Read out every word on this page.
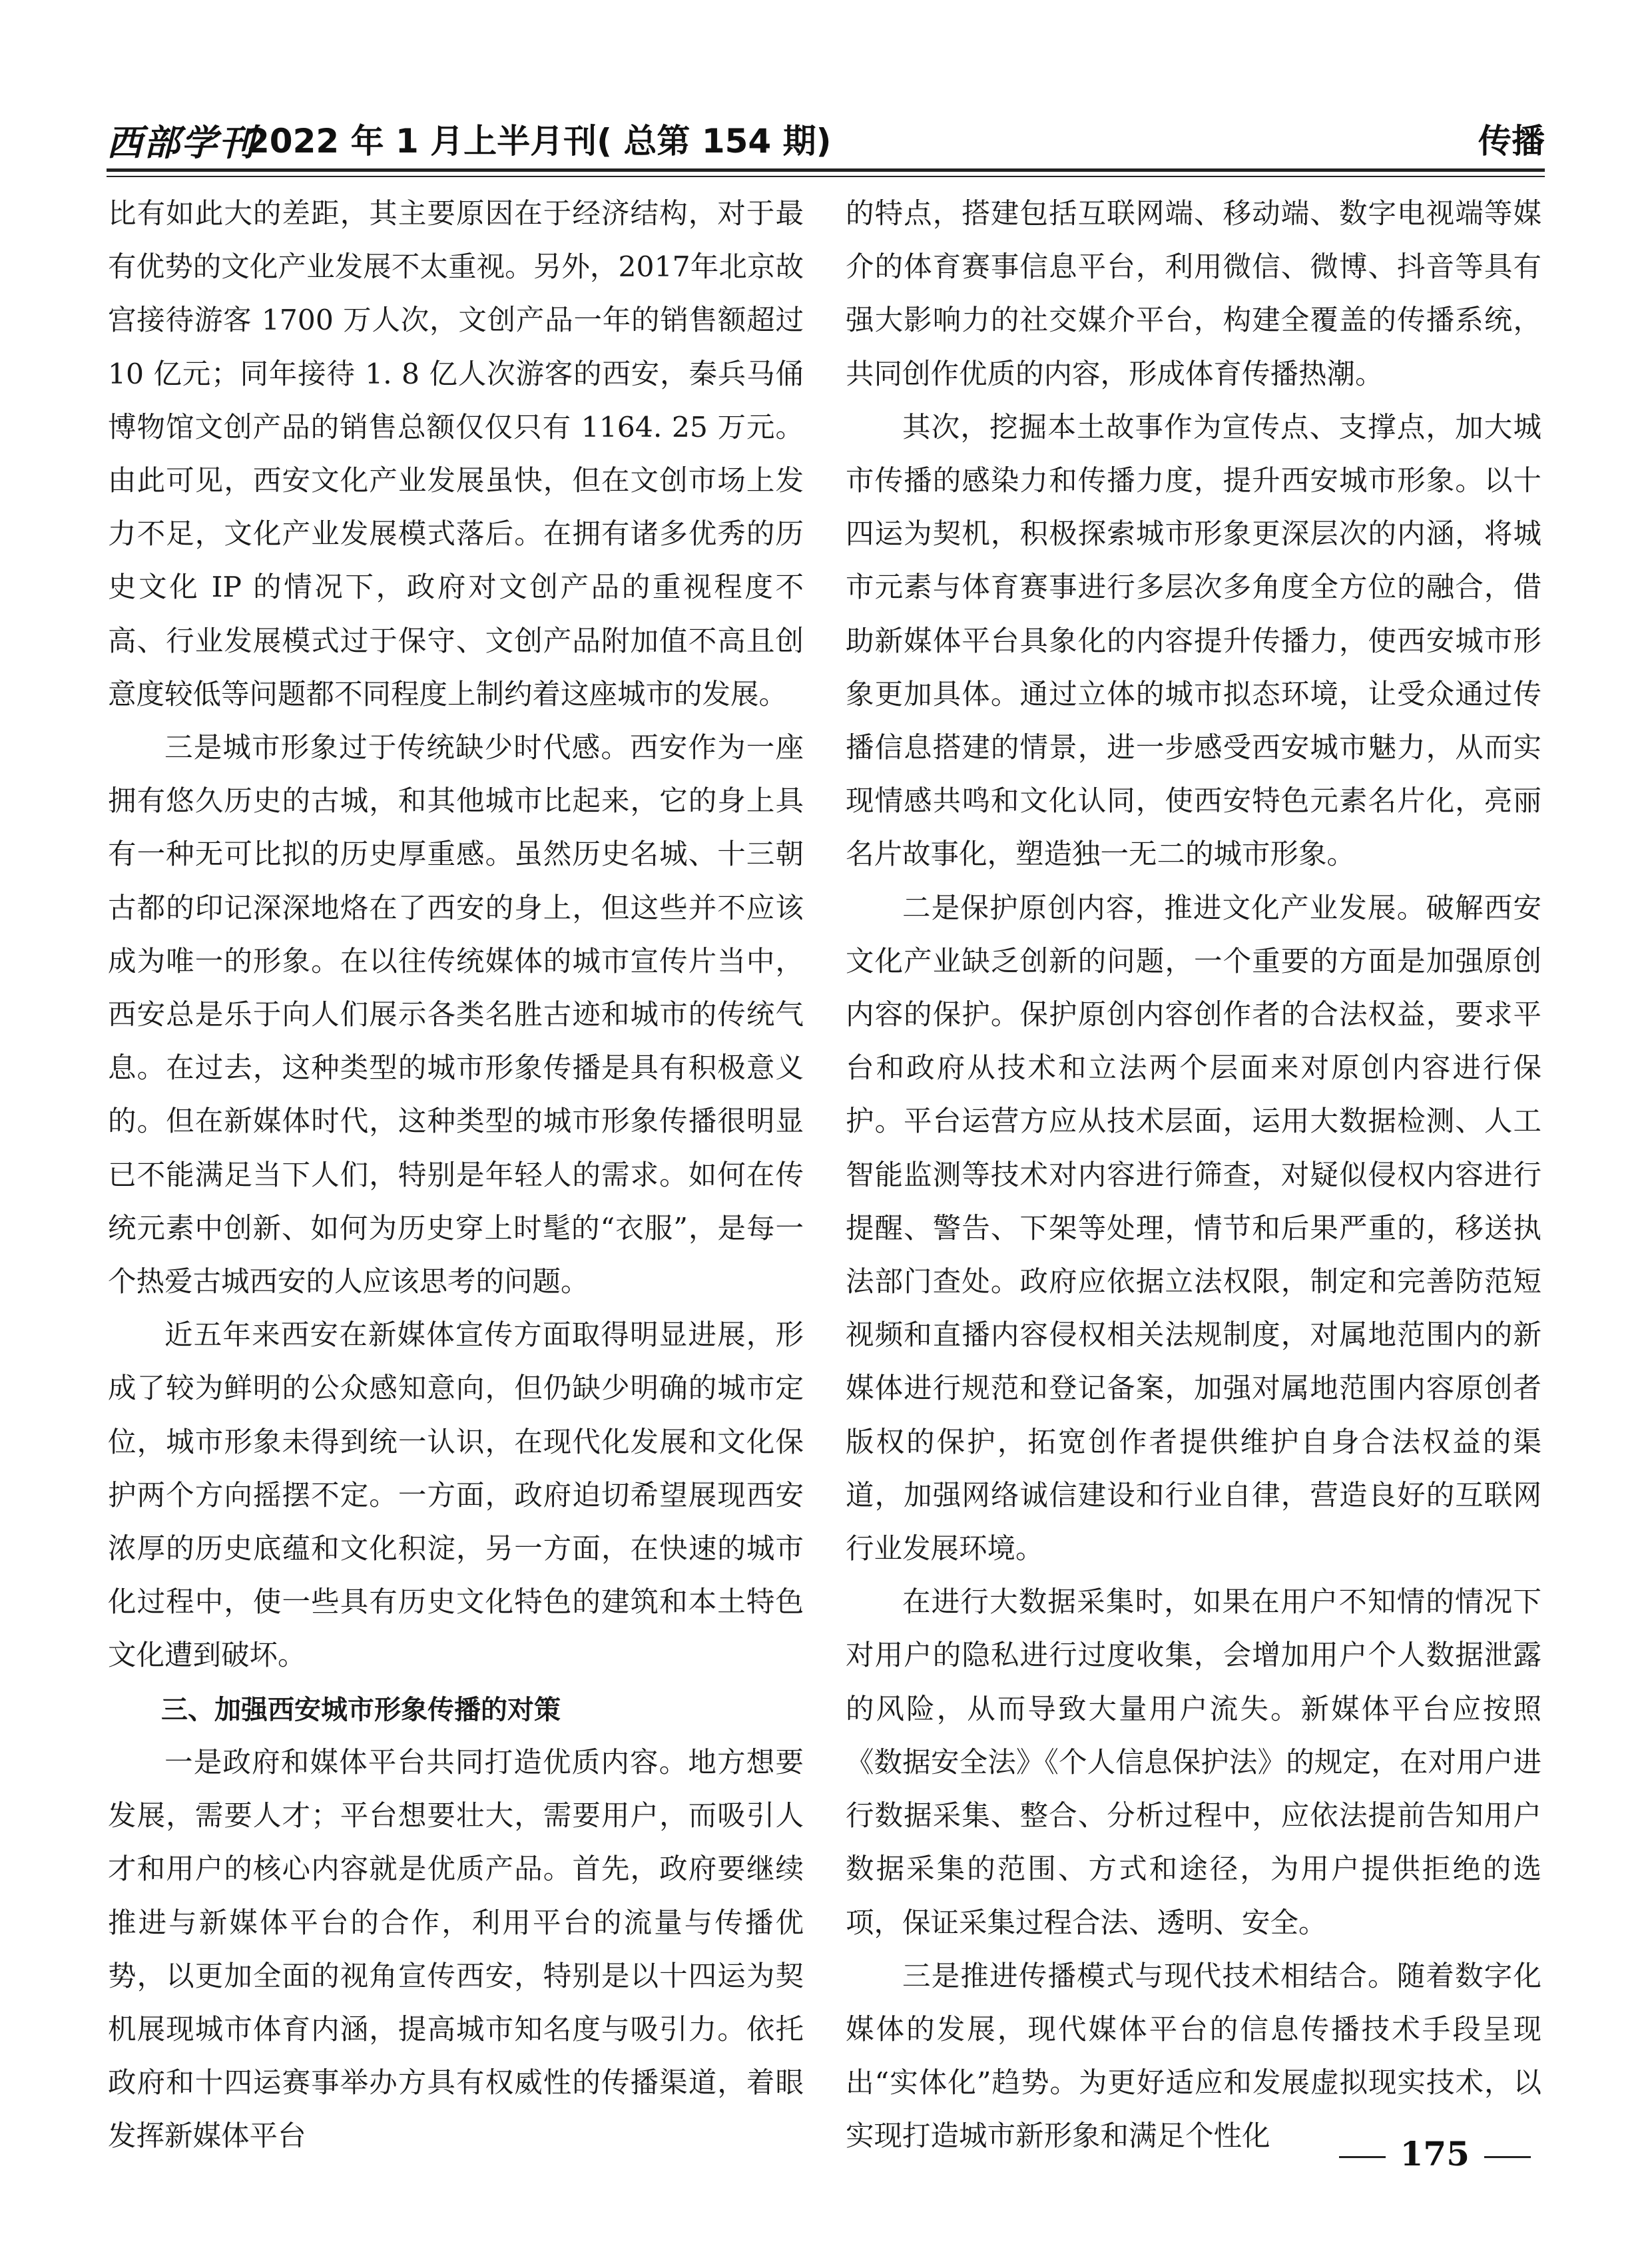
西部学刊
2022 年 1 月上半月刊( 总第 154 期)	传播

比有如此大的差距，其主要原因在于经济结构，对于最有优势的文化产业发展不太重视。另外，2017年北京故宫接待游客 1700 万人次，文创产品一年的销售额超过 10 亿元；同年接待 1. 8 亿人次游客的西安，秦兵马俑博物馆文创产品的销售总额仅仅只有 1164. 25 万元。由此可见，西安文化产业发展虽快，但在文创市场上发力不足，文化产业发展模式落后。在拥有诸多优秀的历史文化 IP 的情况下，政府对文创产品的重视程度不高、行业发展模式过于保守、文创产品附加值不高且创意度较低等问题都不同程度上制约着这座城市的发展。

三是城市形象过于传统缺少时代感。西安作为一座拥有悠久历史的古城，和其他城市比起来，它的身上具有一种无可比拟的历史厚重感。虽然历史名城、十三朝古都的印记深深地烙在了西安的身上，但这些并不应该成为唯一的形象。在以往传统媒体的城市宣传片当中，西安总是乐于向人们展示各类名胜古迹和城市的传统气息。在过去，这种类型的城市形象传播是具有积极意义的。但在新媒体时代，这种类型的城市形象传播很明显已不能满足当下人们，特别是年轻人的需求。如何在传统元素中创新、如何为历史穿上时髦的“衣服”，是每一个热爱古城西安的人应该思考的问题。

近五年来西安在新媒体宣传方面取得明显进展，形成了较为鲜明的公众感知意向，但仍缺少明确的城市定位，城市形象未得到统一认识，在现代化发展和文化保护两个方向摇摆不定。一方面，政府迫切希望展现西安浓厚的历史底蕴和文化积淀，另一方面，在快速的城市化过程中，使一些具有历史文化特色的建筑和本土特色文化遭到破坏。

三、加强西安城市形象传播的对策

一是政府和媒体平台共同打造优质内容。地方想要发展，需要人才；平台想要壮大，需要用户，而吸引人才和用户的核心内容就是优质产品。首先，政府要继续推进与新媒体平台的合作，利用平台的流量与传播优势，以更加全面的视角宣传西安，特别是以十四运为契机展现城市体育内涵，提高城市知名度与吸引力。依托政府和十四运赛事举办方具有权威性的传播渠道，着眼发挥新媒体平台

的特点，搭建包括互联网端、移动端、数字电视端等媒介的体育赛事信息平台，利用微信、微博、抖音等具有强大影响力的社交媒介平台，构建全覆盖的传播系统，共同创作优质的内容，形成体育传播热潮。

其次，挖掘本土故事作为宣传点、支撑点，加大城市传播的感染力和传播力度，提升西安城市形象。以十四运为契机，积极探索城市形象更深层次的内涵，将城市元素与体育赛事进行多层次多角度全方位的融合，借助新媒体平台具象化的内容提升传播力，使西安城市形象更加具体。通过立体的城市拟态环境，让受众通过传播信息搭建的情景，进一步感受西安城市魅力，从而实现情感共鸣和文化认同，使西安特色元素名片化，亮丽名片故事化，塑造独一无二的城市形象。

二是保护原创内容，推进文化产业发展。破解西安文化产业缺乏创新的问题，一个重要的方面是加强原创内容的保护。保护原创内容创作者的合法权益，要求平台和政府从技术和立法两个层面来对原创内容进行保护。平台运营方应从技术层面，运用大数据检测、人工智能监测等技术对内容进行筛查，对疑似侵权内容进行提醒、警告、下架等处理，情节和后果严重的，移送执法部门查处。政府应依据立法权限，制定和完善防范短视频和直播内容侵权相关法规制度，对属地范围内的新媒体进行规范和登记备案，加强对属地范围内容原创者版权的保护，拓宽创作者提供维护自身合法权益的渠道，加强网络诚信建设和行业自律，营造良好的互联网行业发展环境。

在进行大数据采集时，如果在用户不知情的情况下对用户的隐私进行过度收集，会增加用户个人数据泄露的风险，从而导致大量用户流失。新媒体平台应按照《数据安全法》《个人信息保护法》的规定，在对用户进行数据采集、整合、分析过程中，应依法提前告知用户数据采集的范围、方式和途径，为用户提供拒绝的选项，保证采集过程合法、透明、安全。

三是推进传播模式与现代技术相结合。随着数字化媒体的发展，现代媒体平台的信息传播技术手段呈现出“实体化”趋势。为更好适应和发展虚拟现实技术，以实现打造城市新形象和满足个性化	175
